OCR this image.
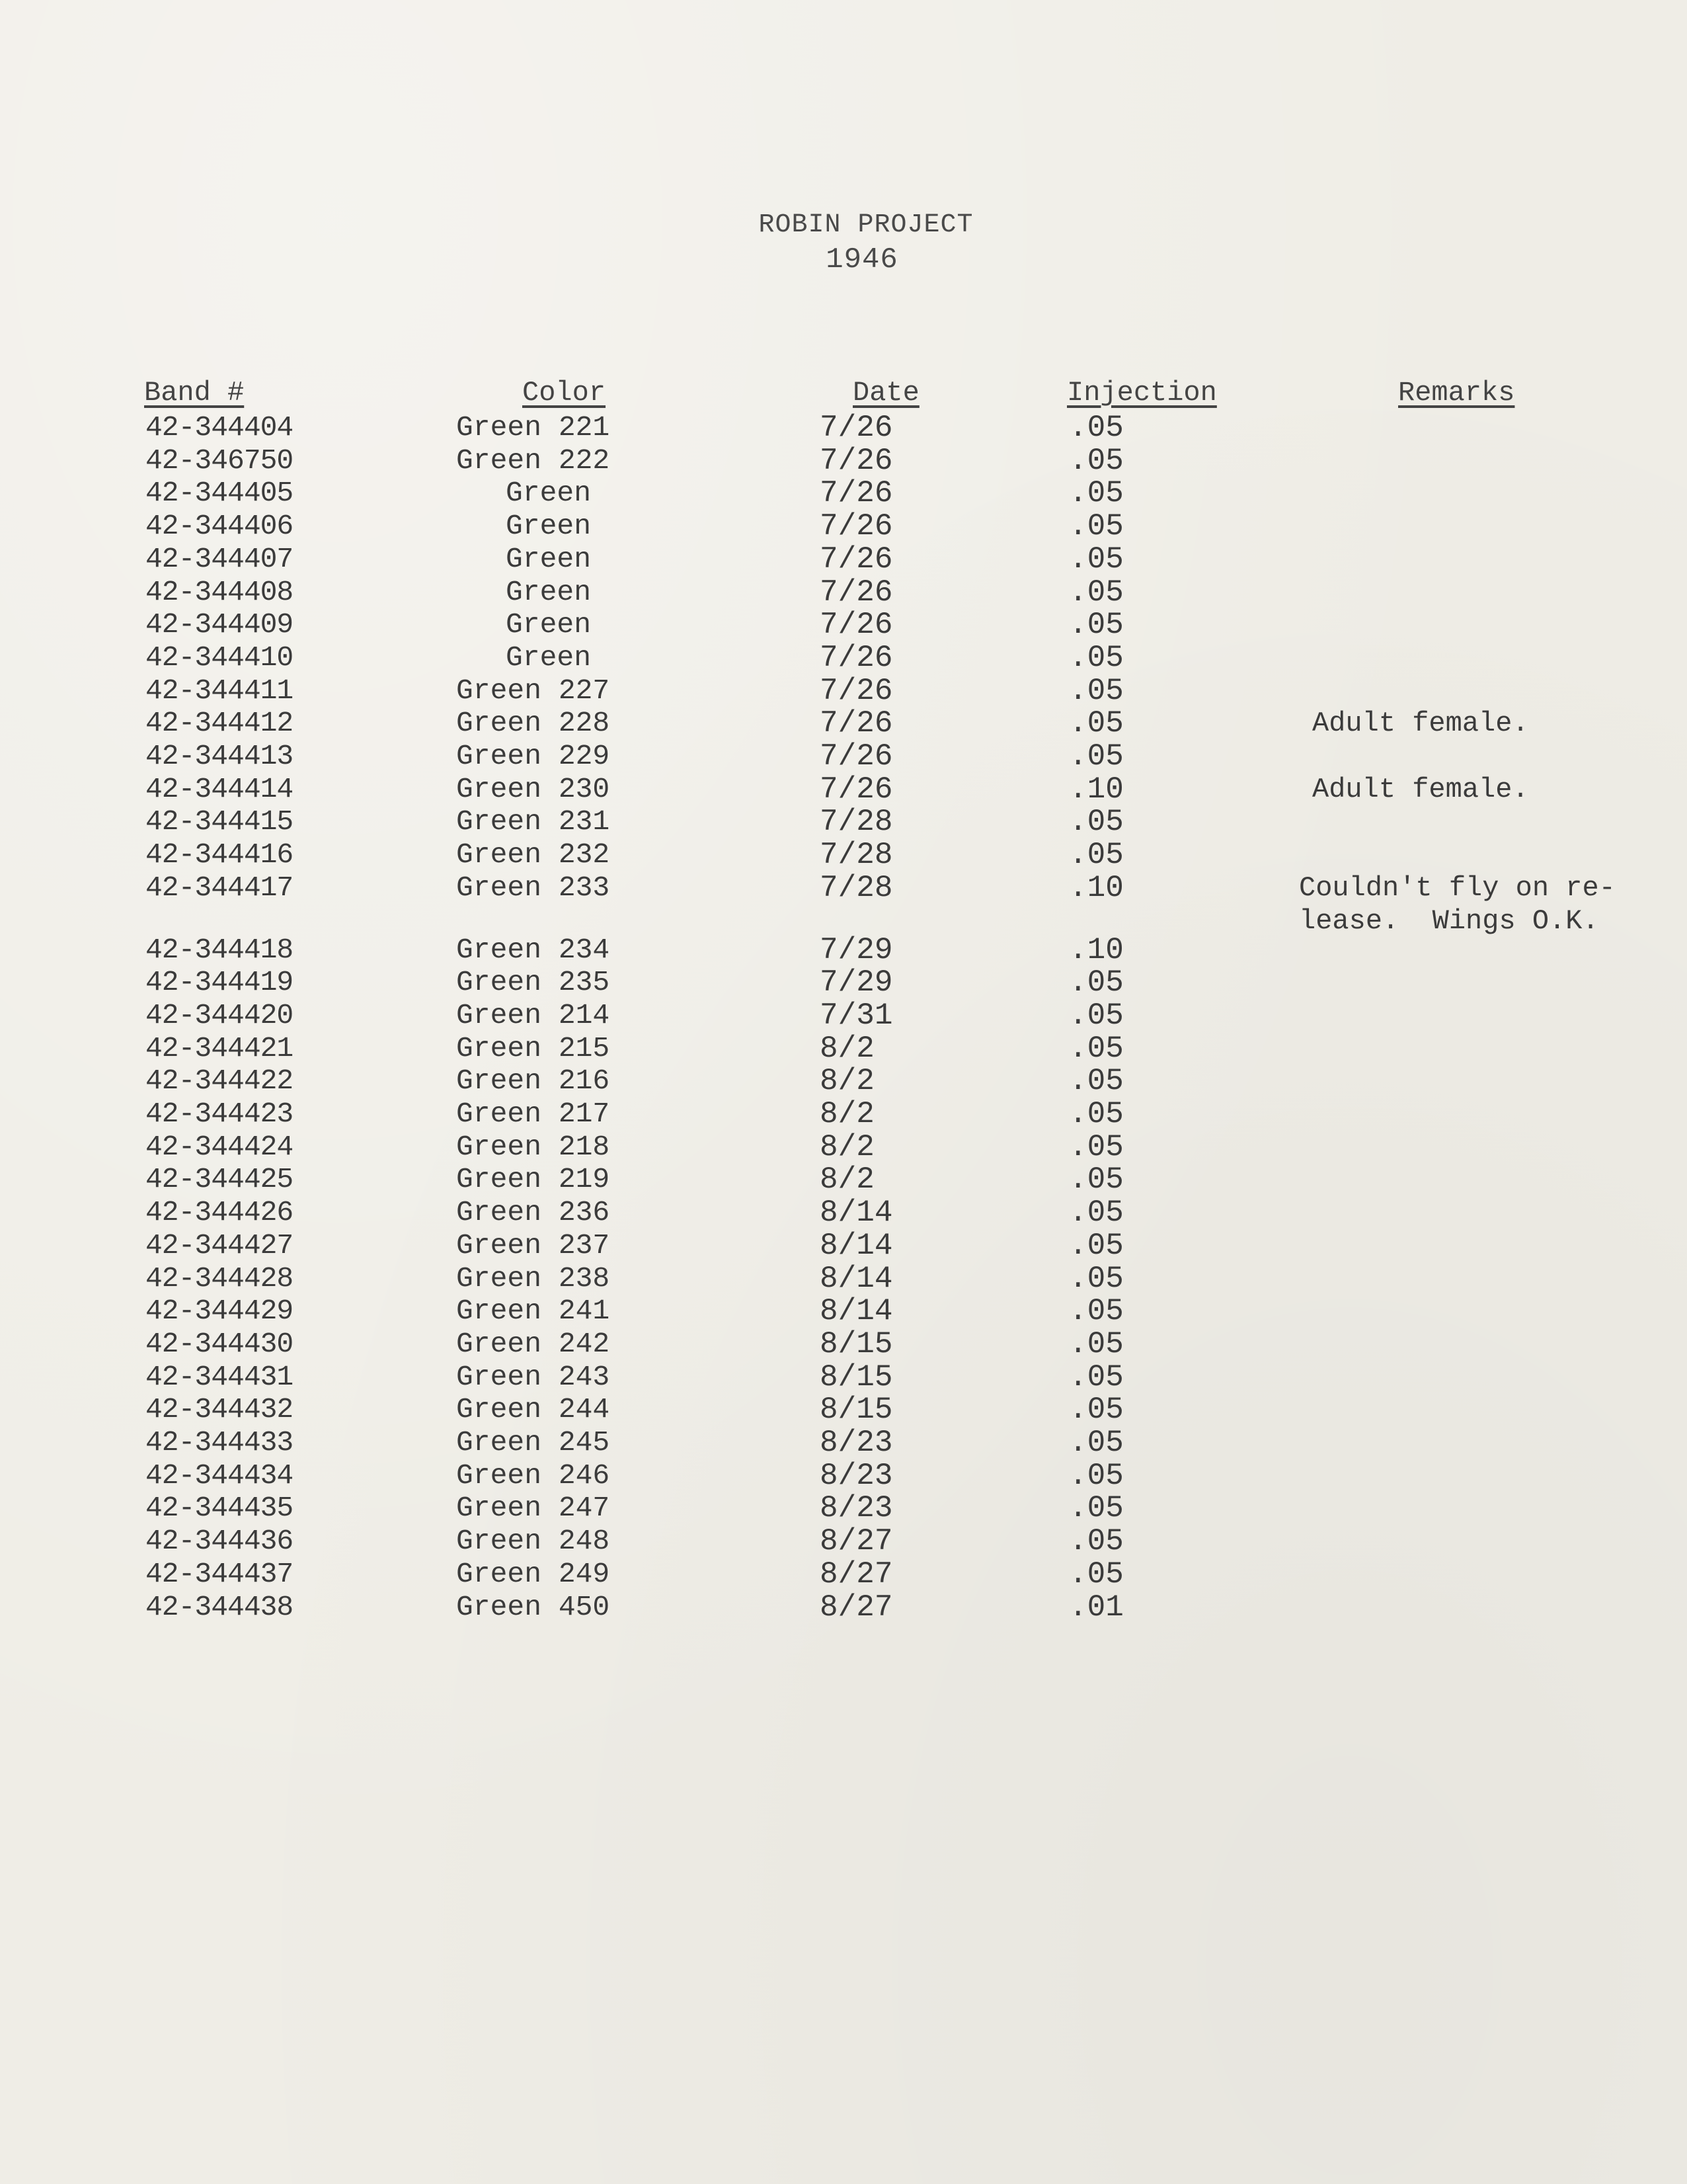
ROBIN PROJECT
1946
Band #	Color	Date	Injection	Remarks
42-344404	Green 221	7/26	.05
42-346750	Green 222	7/26	.05
42-344405	Green	7/26	.05
42-344406	Green	7/26	.05
42-344407	Green	7/26	.05
42-344408	Green	7/26	.05
42-344409	Green	7/26	.05
42-344410	Green	7/26	.05
42-344411	Green 227	7/26	.05
42-344412	Green 228	7/26	.05	Adult female.
42-344413	Green 229	7/26	.05
42-344414	Green 230	7/26	.10	Adult female.
42-344415	Green 231	7/28	.05
42-344416	Green 232	7/28	.05
42-344417	Green 233	7/28	.10	Couldn't fly on re-
lease.  Wings O.K.
42-344418	Green 234	7/29	.10
42-344419	Green 235	7/29	.05
42-344420	Green 214	7/31	.05
42-344421	Green 215	8/2	.05
42-344422	Green 216	8/2	.05
42-344423	Green 217	8/2	.05
42-344424	Green 218	8/2	.05
42-344425	Green 219	8/2	.05
42-344426	Green 236	8/14	.05
42-344427	Green 237	8/14	.05
42-344428	Green 238	8/14	.05
42-344429	Green 241	8/14	.05
42-344430	Green 242	8/15	.05
42-344431	Green 243	8/15	.05
42-344432	Green 244	8/15	.05
42-344433	Green 245	8/23	.05
42-344434	Green 246	8/23	.05
42-344435	Green 247	8/23	.05
42-344436	Green 248	8/27	.05
42-344437	Green 249	8/27	.05
42-344438	Green 450	8/27	.01
